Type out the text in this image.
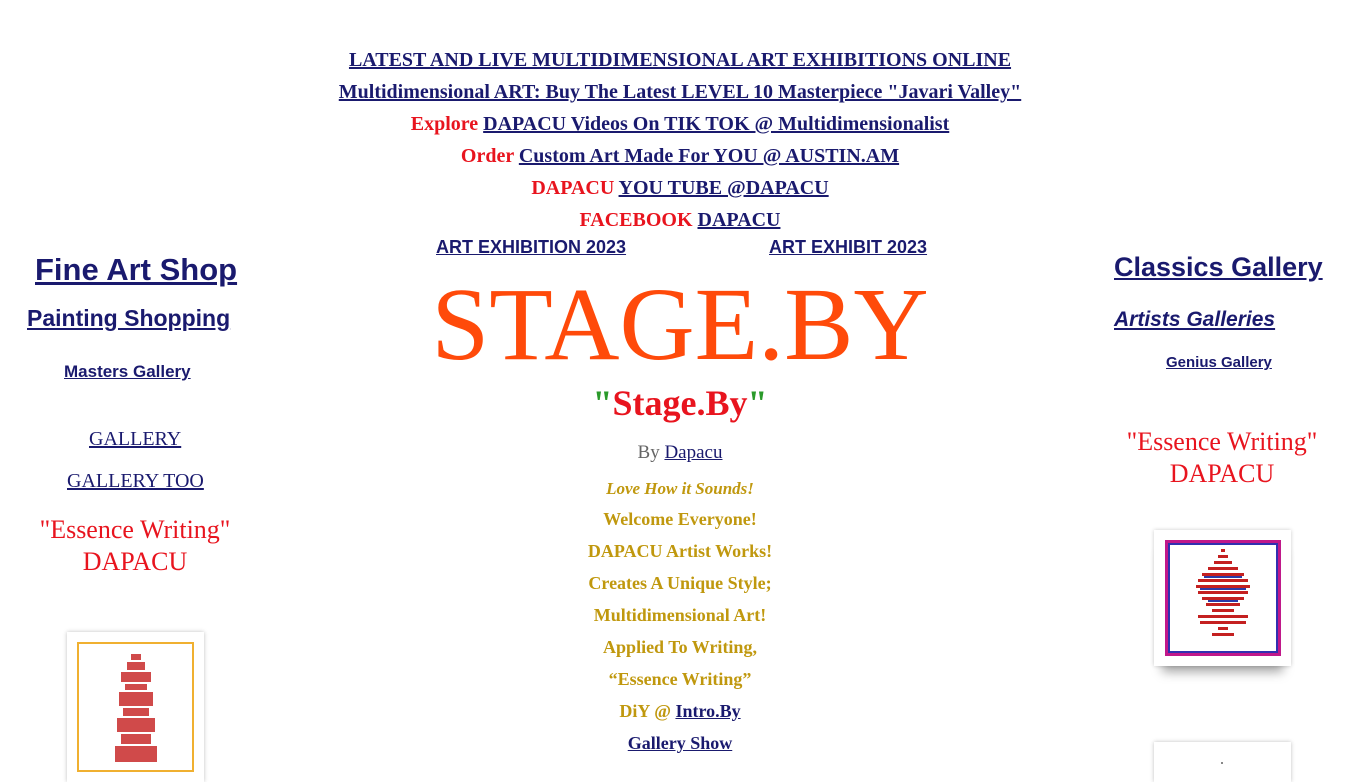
LATEST AND LIVE MULTIDIMENSIONAL ART EXHIBITIONS ONLINE
Multidimensional ART: Buy The Latest LEVEL 10 Masterpiece "Javari Valley"
Explore DAPACU Videos On TIK TOK @ Multidimensionalist
Order Custom Art Made For YOU @ AUSTIN.AM
DAPACU YOU TUBE @DAPACU
FACEBOOK DAPACU
ART EXHIBITION 2023	ART EXHIBIT 2023
STAGE.BY
"Stage.By"
By Dapacu
Love How it Sounds!
Welcome Everyone!
DAPACU Artist Works!
Creates A Unique Style;
Multidimensional Art!
Applied To Writing,
“Essence Writing”
DiY @ Intro.By
Gallery Show
Fine Art Shop
Painting Shopping
Masters Gallery
GALLERY
GALLERY TOO
"Essence Writing"
DAPACU
Classics Gallery
Artists Galleries
Genius Gallery
"Essence Writing"
DAPACU
